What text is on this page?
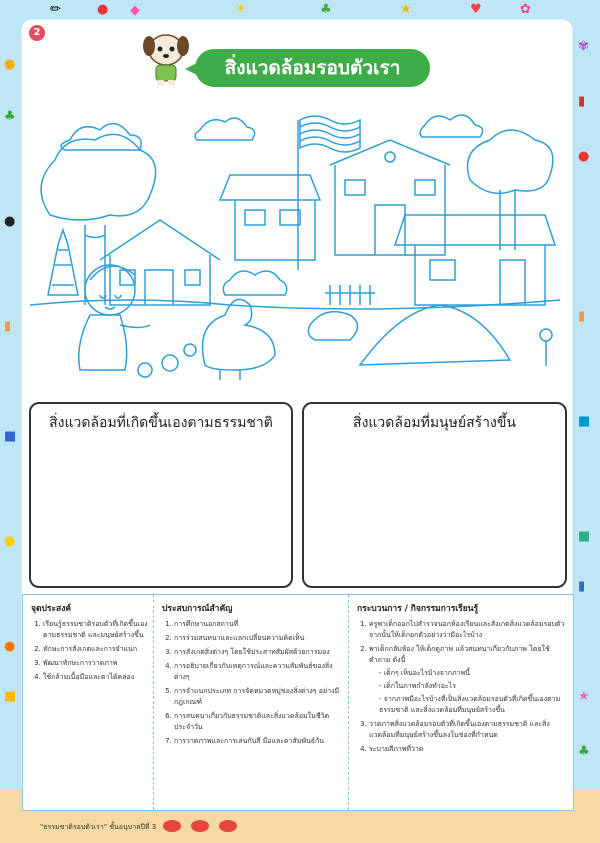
✏	● ◆	☀	♣	★	♥	✿
●
♣
●
▮
■
●
●
■
✾
▮
●
▮
■
■
▮
★
♣
2
สิ่งแวดล้อมรอบตัวเรา
สิ่งแวดล้อมที่เกิดขึ้นเองตามธรรมชาติ	สิ่งแวดล้อมที่มนุษย์สร้างขึ้น
จุดประสงค์
1. เรียนรู้ธรรมชาติรอบตัวที่เกิดขึ้นเองตามธรรมชาติ และมนุษย์สร้างขึ้น
2. ทักษะการสังเกตและการจำแนก
3. พัฒนาทักษะการวาดภาพ
4. ใช้กล้ามเนื้อมือและตาได้คล่อง
ประสบการณ์สำคัญ
1. การศึกษานอกสถานที่
2. การร่วมสนทนาและแลกเปลี่ยนความคิดเห็น
3. การสังเกตสิ่งต่างๆ โดยใช้ประสาทสัมผัสด้วยการมอง
4. การอธิบายเกี่ยวกับเหตุการณ์และความสัมพันธ์ของสิ่งต่างๆ
5. การจำแนกประเภท การจัดหมวดหมู่ของสิ่งต่างๆ อย่างมีกฎเกณฑ์
6. การสนทนาเกี่ยวกับธรรมชาติและสิ่งแวดล้อมในชีวิตประจำวัน
7. การวาดภาพและการเล่นกับสี มือและตาสัมพันธ์กัน
กระบวนการ / กิจกรรมการเรียนรู้
1. ครูพาเด็กออกไปสำรวจนอกห้องเรียนและสังเกตสิ่งแวดล้อมรอบตัว จากนั้นให้เด็กยกตัวอย่างว่ามีอะไรบ้าง
2. พาเด็กกลับห้อง ให้เด็กดูภาพ แล้วสนทนาเกี่ยวกับภาพ โดยใช้คำถาม ดังนี้
- เด็กๆ เห็นอะไรบ้างจากภาพนี้
- เด็กในภาพกำลังทำอะไร
- จากภาพมีอะไรบ้างที่เป็นสิ่งแวดล้อมรอบตัวที่เกิดขึ้นเองตามธรรมชาติ และสิ่งแวดล้อมที่มนุษย์สร้างขึ้น
3. วาดภาพสิ่งแวดล้อมรอบตัวที่เกิดขึ้นเองตามธรรมชาติ และสิ่งแวดล้อมที่มนุษย์สร้างขึ้นลงในช่องที่กำหนด
4. ระบายสีภาพที่วาด
"ธรรมชาติรอบตัวเรา" ชั้นอนุบาลปีที่ 3
